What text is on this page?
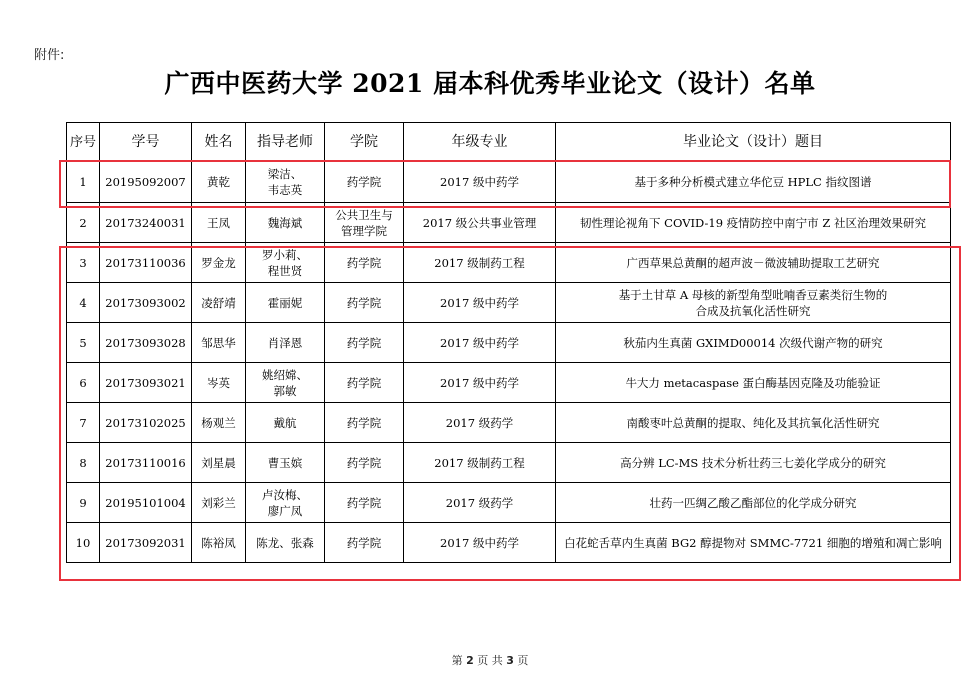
附件:
广西中医药大学 2021 届本科优秀毕业论文（设计）名单
序号	学号	姓名	指导老师	学院	年级专业	毕业论文（设计）题目
1	20195092007	黄乾	梁洁、
韦志英	药学院	2017 级中药学	基于多种分析模式建立华佗豆 HPLC 指纹图谱

2	20173240031	王凤	魏海斌	公共卫生与
管理学院	2017 级公共事业管理	韧性理论视角下 COVID-19 疫情防控中南宁市 Z 社区治理效果研究

3	20173110036	罗金龙	罗小莉、
程世贤	药学院	2017 级制药工程	广西草果总黄酮的超声波－微波辅助提取工艺研究

4	20173093002	凌舒靖	霍丽妮	药学院	2017 级中药学	基于土甘草 A 母核的新型角型吡喃香豆素类衍生物的
合成及抗氧化活性研究

5	20173093028	邹思华	肖泽恩	药学院	2017 级中药学	秋茄内生真菌 GXIMD00014 次级代谢产物的研究

6	20173093021	岑英	姚绍嫦、
郭敏	药学院	2017 级中药学	牛大力 metacaspase 蛋白酶基因克隆及功能验证

7	20173102025	杨观兰	戴航	药学院	2017 级药学	南酸枣叶总黄酮的提取、纯化及其抗氧化活性研究

8	20173110016	刘星晨	曹玉嫔	药学院	2017 级制药工程	高分辨 LC-MS 技术分析壮药三七姜化学成分的研究

9	20195101004	刘彩兰	卢汝梅、
廖广凤	药学院	2017 级药学	壮药一匹绸乙酸乙酯部位的化学成分研究

10	20173092031	陈裕凤	陈龙、张森	药学院	2017 级中药学	白花蛇舌草内生真菌 BG2 醇提物对 SMMC-7721 细胞的增殖和凋亡影响
第 2 页 共 3 页
